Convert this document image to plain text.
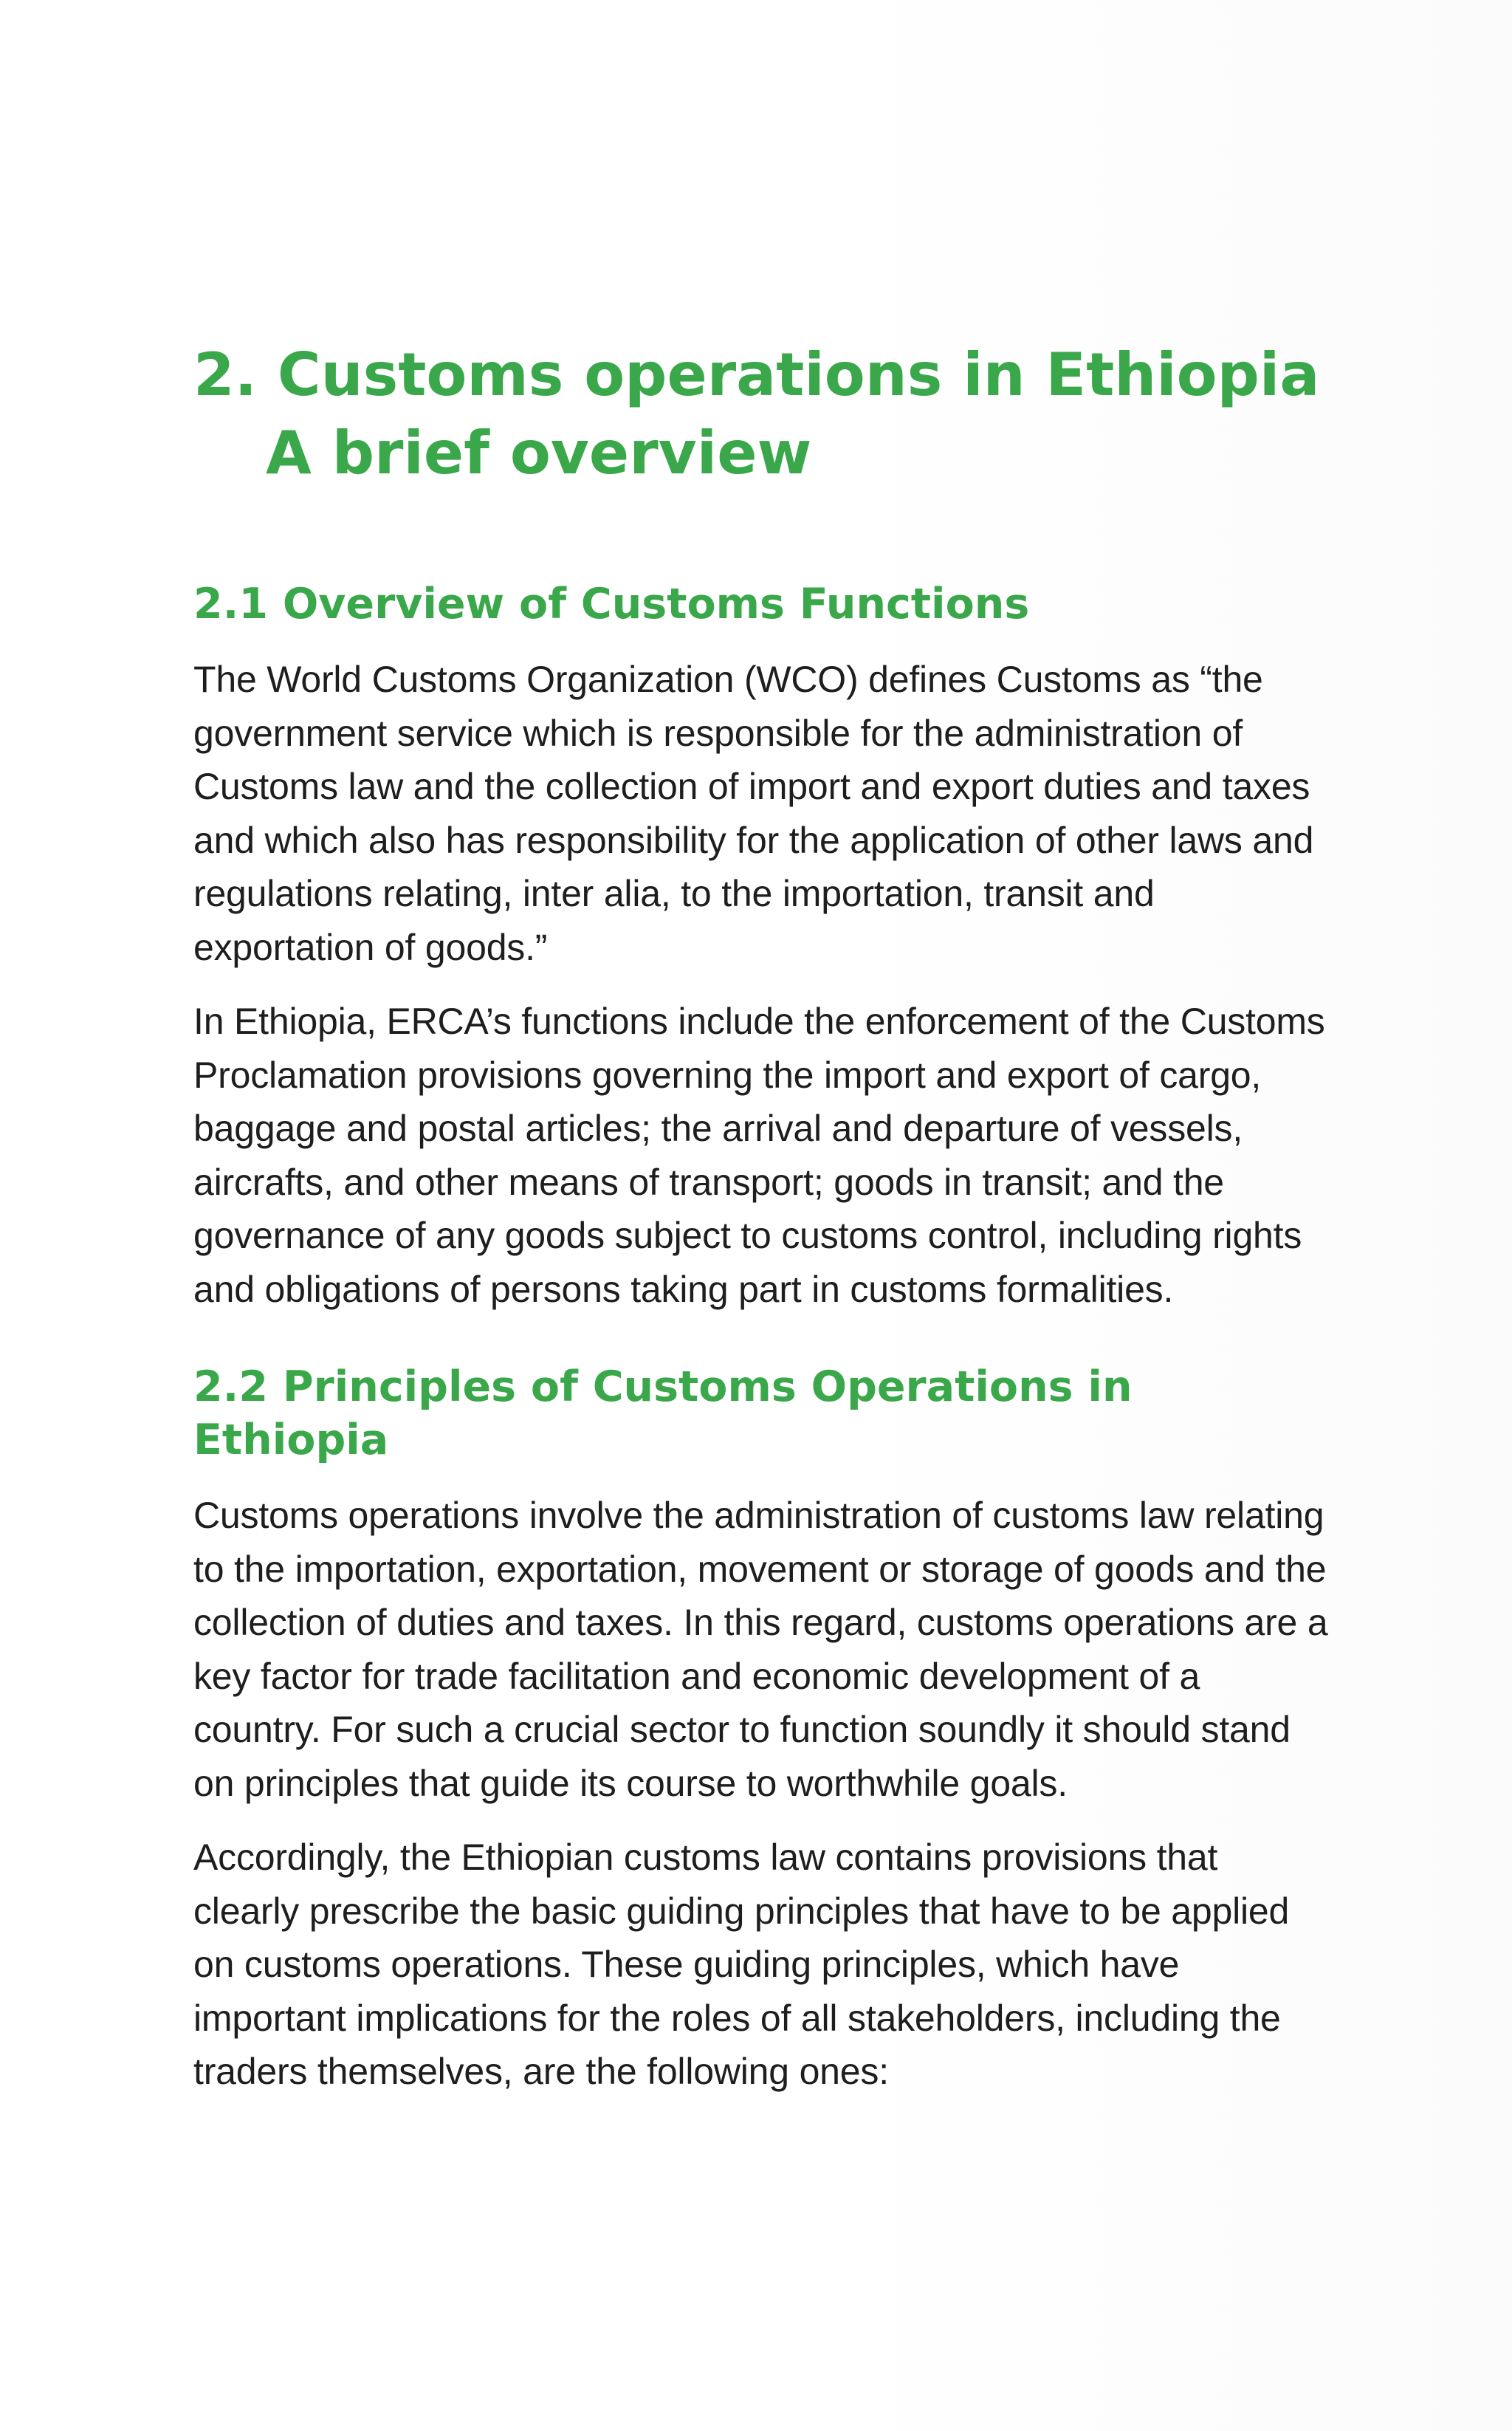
2. Customs operations in Ethiopia
A brief overview
2.1 Overview of Customs Functions

The World Customs Organization (WCO) defines Customs as “the government service which is responsible for the administration of Customs law and the collection of import and export duties and taxes and which also has responsibility for the application of other laws and regulations relating, inter alia, to the importation, transit and exportation of goods.”

In Ethiopia, ERCA’s functions include the enforcement of the Customs Proclamation provisions governing the import and export of cargo, baggage and postal articles; the arrival and departure of vessels, aircrafts, and other means of transport; goods in transit; and the governance of any goods subject to customs control, including rights and obligations of persons taking part in customs formalities.

2.2 Principles of Customs Operations in Ethiopia

Customs operations involve the administration of customs law relating to the importation, exportation, movement or storage of goods and the collection of duties and taxes. In this regard, customs operations are a key factor for trade facilitation and economic development of a country. For such a crucial sector to function soundly it should stand on principles that guide its course to worthwhile goals.

Accordingly, the Ethiopian customs law contains provisions that clearly prescribe the basic guiding principles that have to be applied on customs operations. These guiding principles, which have important implications for the roles of all stakeholders, including the traders themselves, are the following ones:
